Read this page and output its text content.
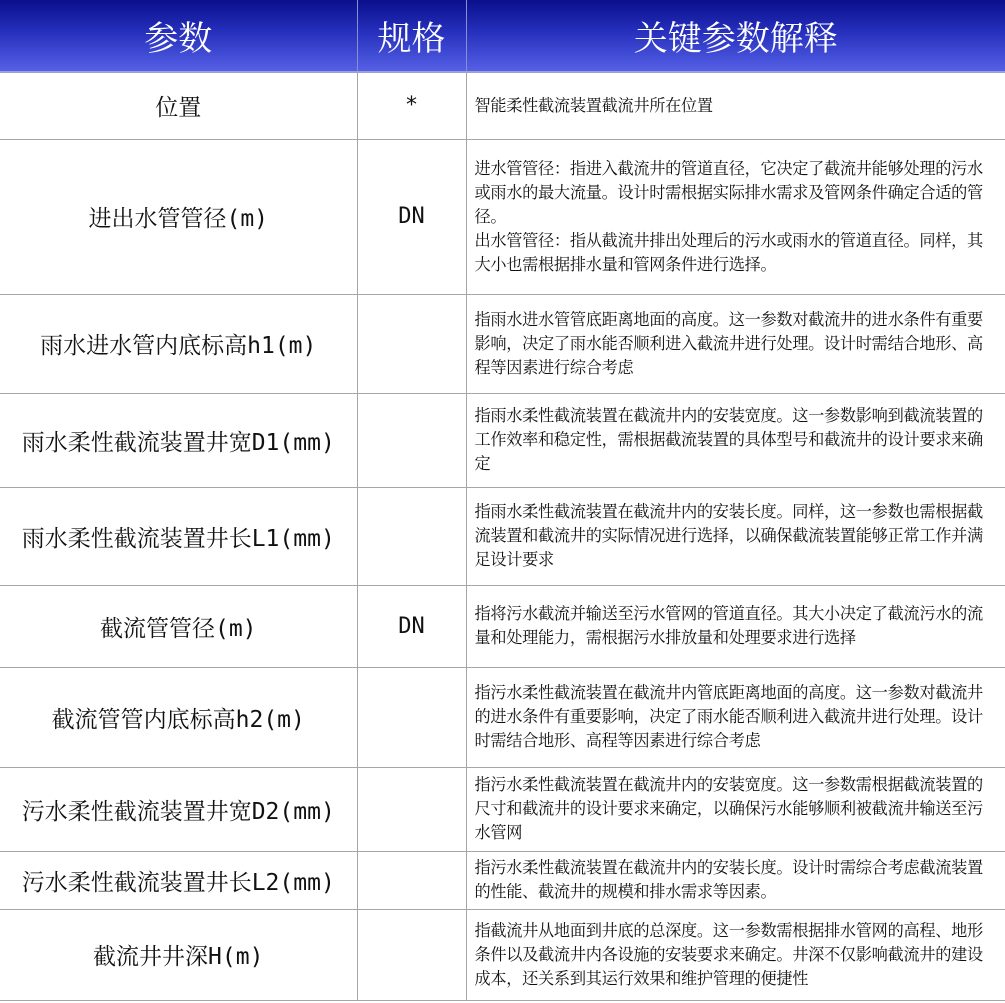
参数	规格	关键参数解释
位置	*	智能柔性截流装置截流井所在位置

进出水管管径(m)	DN	进水管管径：指进入截流井的管道直径，它决定了截流井能够处理的污水或雨水的最大流量。设计时需根据实际排水需求及管网条件确定合适的管径。
出水管管径：指从截流井排出处理后的污水或雨水的管道直径。同样，其大小也需根据排水量和管网条件进行选择。

雨水进水管内底标高h1(m)		指雨水进水管管底距离地面的高度。这一参数对截流井的进水条件有重要影响，决定了雨水能否顺利进入截流井进行处理。设计时需结合地形、高程等因素进行综合考虑

雨水柔性截流装置井宽D1(mm)		指雨水柔性截流装置在截流井内的安装宽度。这一参数影响到截流装置的工作效率和稳定性，需根据截流装置的具体型号和截流井的设计要求来确定

雨水柔性截流装置井长L1(mm)		指雨水柔性截流装置在截流井内的安装长度。同样，这一参数也需根据截流装置和截流井的实际情况进行选择，以确保截流装置能够正常工作并满足设计要求

截流管管径(m)	DN	指将污水截流并输送至污水管网的管道直径。其大小决定了截流污水的流量和处理能力，需根据污水排放量和处理要求进行选择

截流管管内底标高h2(m)		指污水柔性截流装置在截流井内管底距离地面的高度。这一参数对截流井的进水条件有重要影响，决定了雨水能否顺利进入截流井进行处理。设计时需结合地形、高程等因素进行综合考虑

污水柔性截流装置井宽D2(mm)		指污水柔性截流装置在截流井内的安装宽度。这一参数需根据截流装置的尺寸和截流井的设计要求来确定，以确保污水能够顺利被截流井输送至污水管网

污水柔性截流装置井长L2(mm)		指污水柔性截流装置在截流井内的安装长度。设计时需综合考虑截流装置的性能、截流井的规模和排水需求等因素。

截流井井深H(m)		指截流井从地面到井底的总深度。这一参数需根据排水管网的高程、地形条件以及截流井内各设施的安装要求来确定。井深不仅影响截流井的建设成本，还关系到其运行效果和维护管理的便捷性
